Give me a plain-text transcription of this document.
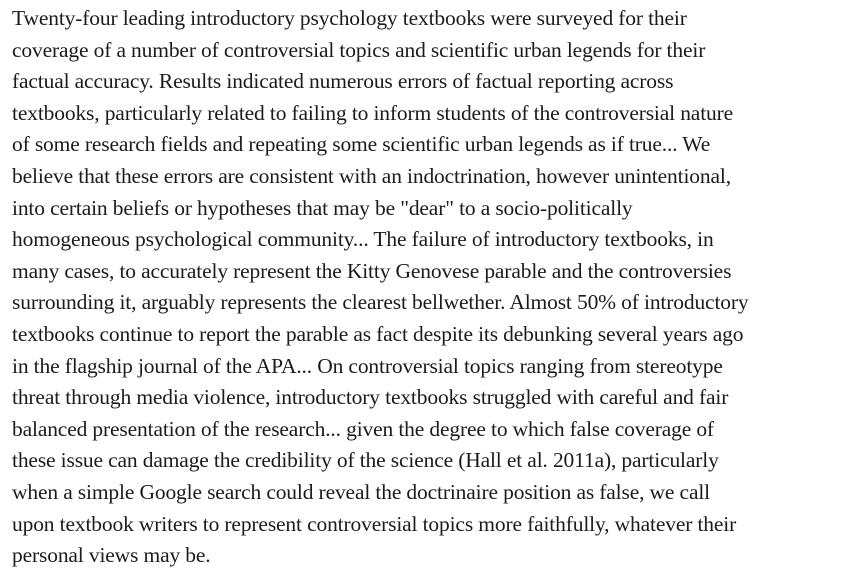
Twenty-four leading introductory psychology textbooks were surveyed for their
coverage of a number of controversial topics and scientific urban legends for their
factual accuracy. Results indicated numerous errors of factual reporting across
textbooks, particularly related to failing to inform students of the controversial nature
of some research fields and repeating some scientific urban legends as if true... We
believe that these errors are consistent with an indoctrination, however unintentional,
into certain beliefs or hypotheses that may be "dear" to a socio-politically
homogeneous psychological community... The failure of introductory textbooks, in
many cases, to accurately represent the Kitty Genovese parable and the controversies
surrounding it, arguably represents the clearest bellwether. Almost 50% of introductory
textbooks continue to report the parable as fact despite its debunking several years ago
in the flagship journal of the APA... On controversial topics ranging from stereotype
threat through media violence, introductory textbooks struggled with careful and fair
balanced presentation of the research... given the degree to which false coverage of
these issue can damage the credibility of the science (Hall et al. 2011a), particularly
when a simple Google search could reveal the doctrinaire position as false, we call
upon textbook writers to represent controversial topics more faithfully, whatever their
personal views may be.
